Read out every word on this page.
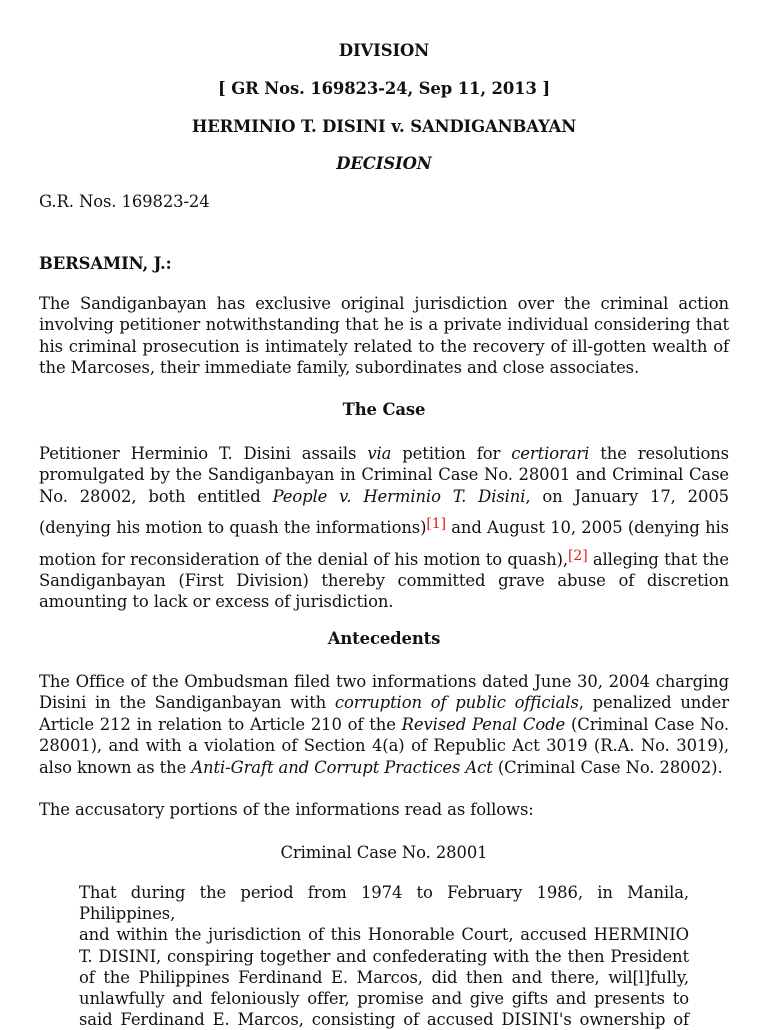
DIVISION
[ GR Nos. 169823-24, Sep 11, 2013 ]
HERMINIO T. DISINI v. SANDIGANBAYAN
DECISION
G.R. Nos. 169823-24
BERSAMIN, J.:
The Sandiganbayan has exclusive original jurisdiction over the criminal action
involving petitioner notwithstanding that he is a private individual considering that
his criminal prosecution is intimately related to the recovery of ill-gotten wealth of
the Marcoses, their immediate family, subordinates and close associates.
The Case
Petitioner Herminio T. Disini assails via petition for certiorari the resolutions
promulgated by the Sandiganbayan in Criminal Case No. 28001 and Criminal Case
No. 28002, both entitled People v. Herminio T. Disini, on January 17, 2005
(denying his motion to quash the informations)[1] and August 10, 2005 (denying his
motion for reconsideration of the denial of his motion to quash),[2] alleging that the
Sandiganbayan (First Division) thereby committed grave abuse of discretion
amounting to lack or excess of jurisdiction.
Antecedents
The Office of the Ombudsman filed two informations dated June 30, 2004 charging
Disini in the Sandiganbayan with corruption of public officials, penalized under
Article 212 in relation to Article 210 of the Revised Penal Code (Criminal Case No.
28001), and with a violation of Section 4(a) of Republic Act 3019 (R.A. No. 3019),
also known as the Anti-Graft and Corrupt Practices Act (Criminal Case No. 28002).
The accusatory portions of the informations read as follows:
Criminal Case No. 28001
That during the period from 1974 to February 1986, in Manila, Philippines,
and within the jurisdiction of this Honorable Court, accused HERMINIO
T. DISINI, conspiring together and confederating with the then President
of the Philippines Ferdinand E. Marcos, did then and there, wil[l]fully,
unlawfully and feloniously offer, promise and give gifts and presents to
said Ferdinand E. Marcos, consisting of accused DISINI's ownership of
